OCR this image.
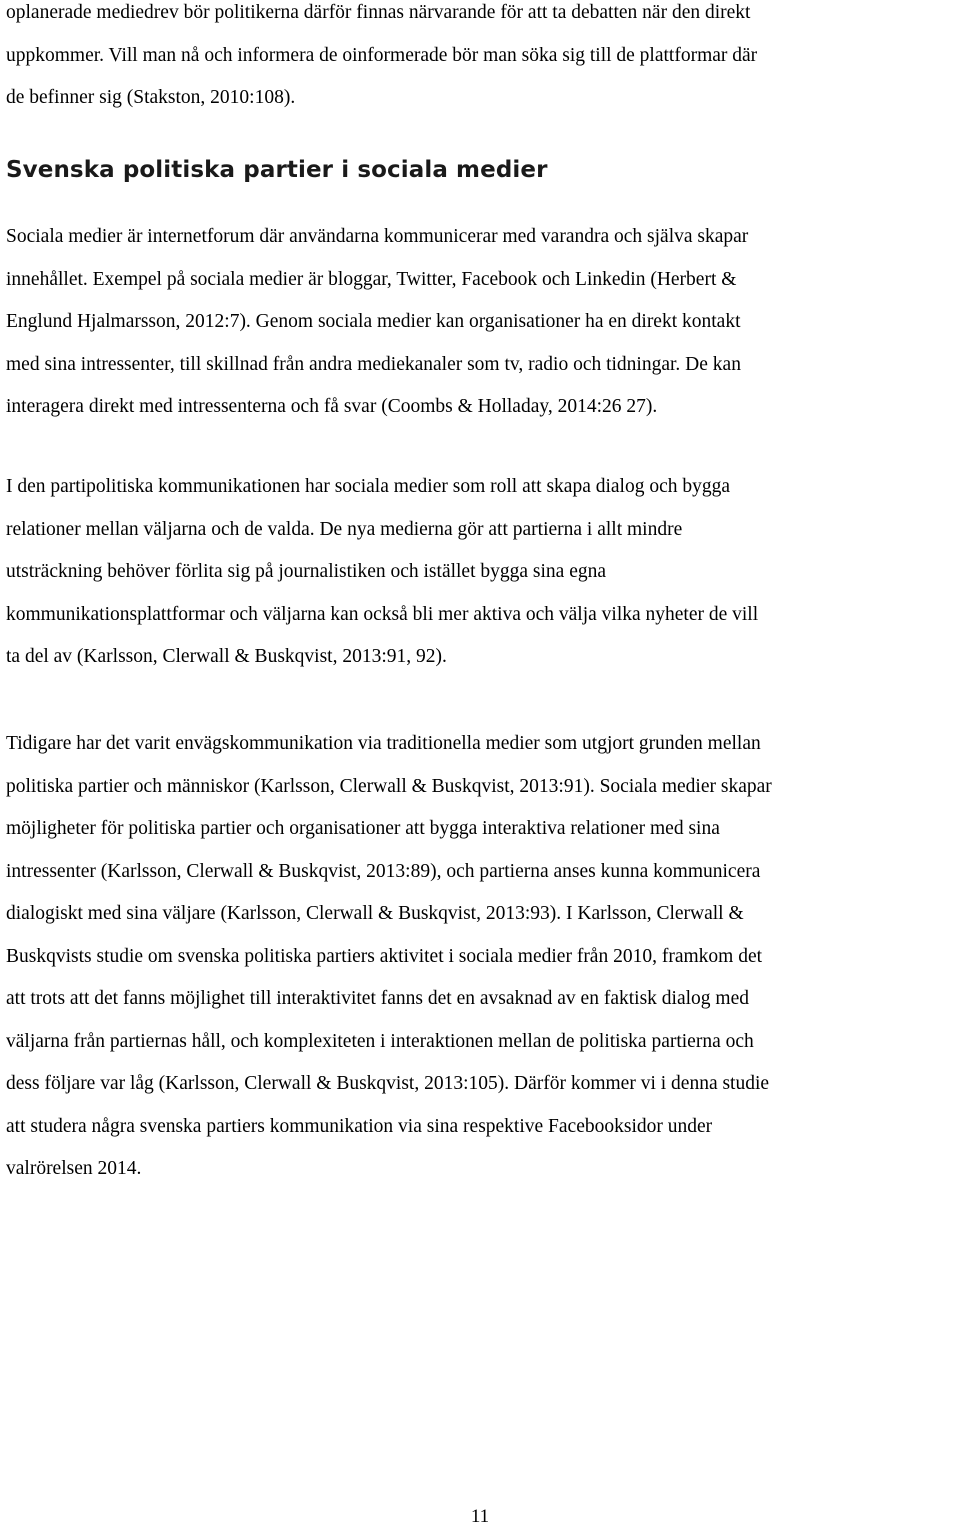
oplanerade mediedrev bör politikerna därför finnas närvarande för att ta debatten när den direkt
uppkommer. Vill man nå och informera de oinformerade bör man söka sig till de plattformar där
de befinner sig (Stakston, 2010:108).

Svenska politiska partier i sociala medier

Sociala medier är internetforum där användarna kommunicerar med varandra och själva skapar
innehållet. Exempel på sociala medier är bloggar, Twitter, Facebook och Linkedin (Herbert &
Englund Hjalmarsson, 2012:7). Genom sociala medier kan organisationer ha en direkt kontakt
med sina intressenter, till skillnad från andra mediekanaler som tv, radio och tidningar. De kan
interagera direkt med intressenterna och få svar (Coombs & Holladay, 2014:26 27).

I den partipolitiska kommunikationen har sociala medier som roll att skapa dialog och bygga
relationer mellan väljarna och de valda. De nya medierna gör att partierna i allt mindre
utsträckning behöver förlita sig på journalistiken och istället bygga sina egna
kommunikationsplattformar och väljarna kan också bli mer aktiva och välja vilka nyheter de vill
ta del av (Karlsson, Clerwall & Buskqvist, 2013:91, 92).

Tidigare har det varit envägskommunikation via traditionella medier som utgjort grunden mellan
politiska partier och människor (Karlsson, Clerwall & Buskqvist, 2013:91). Sociala medier skapar
möjligheter för politiska partier och organisationer att bygga interaktiva relationer med sina
intressenter (Karlsson, Clerwall & Buskqvist, 2013:89), och partierna anses kunna kommunicera
dialogiskt med sina väljare (Karlsson, Clerwall & Buskqvist, 2013:93). I Karlsson, Clerwall &
Buskqvists studie om svenska politiska partiers aktivitet i sociala medier från 2010, framkom det
att trots att det fanns möjlighet till interaktivitet fanns det en avsaknad av en faktisk dialog med
väljarna från partiernas håll, och komplexiteten i interaktionen mellan de politiska partierna och
dess följare var låg (Karlsson, Clerwall & Buskqvist, 2013:105). Därför kommer vi i denna studie
att studera några svenska partiers kommunikation via sina respektive Facebooksidor under
valrörelsen 2014.

11
